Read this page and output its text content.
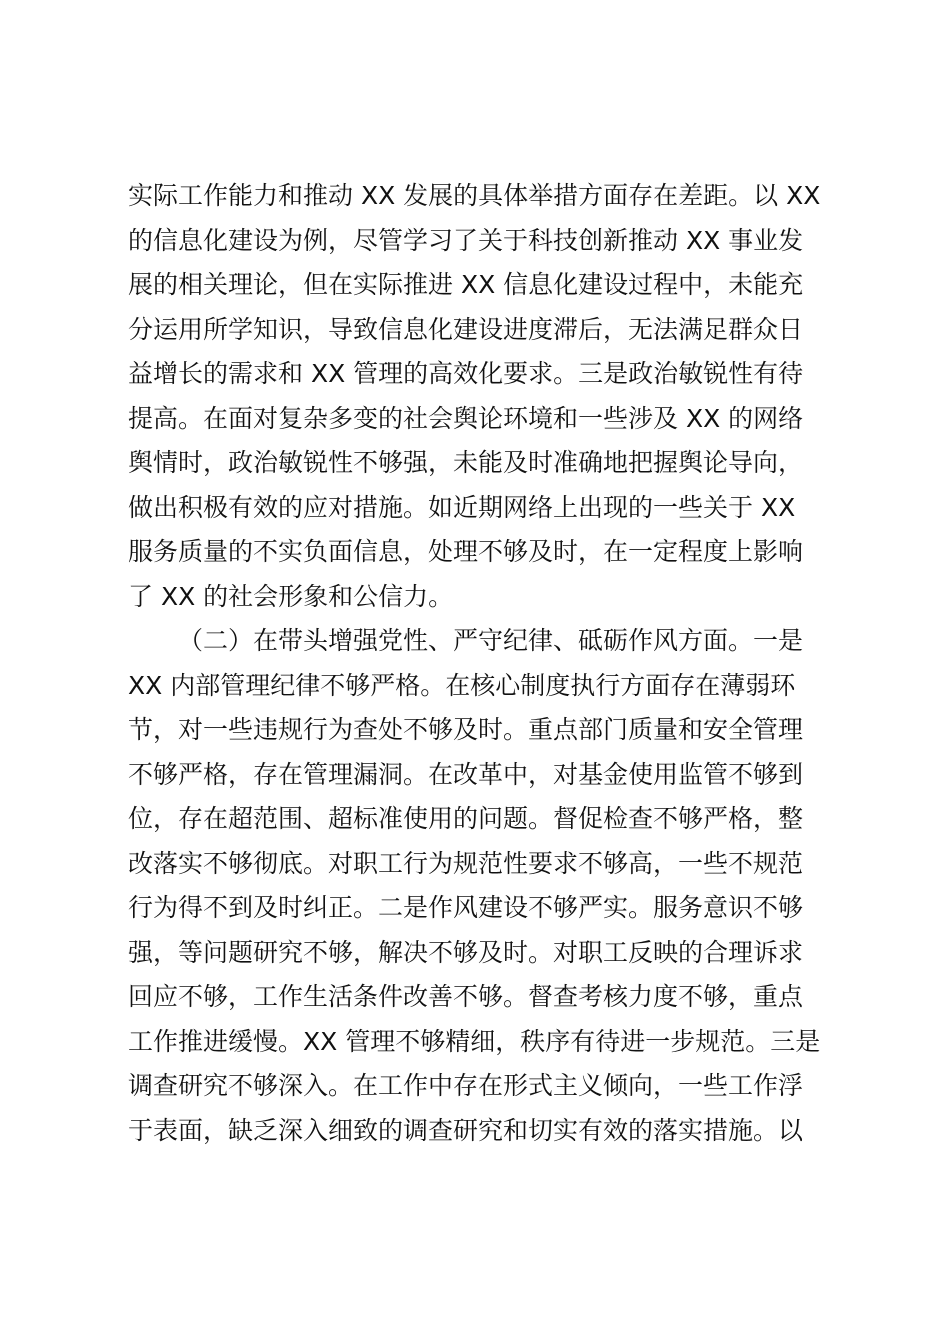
实际工作能力和推动 XX 发展的具体举措方面存在差距。以 XX
的信息化建设为例，尽管学习了关于科技创新推动 XX 事业发
展的相关理论，但在实际推进 XX 信息化建设过程中，未能充
分运用所学知识，导致信息化建设进度滞后，无法满足群众日
益增长的需求和 XX 管理的高效化要求。三是政治敏锐性有待
提高。在面对复杂多变的社会舆论环境和一些涉及 XX 的网络
舆情时，政治敏锐性不够强，未能及时准确地把握舆论导向，
做出积极有效的应对措施。如近期网络上出现的一些关于 XX
服务质量的不实负面信息，处理不够及时，在一定程度上影响
了 XX 的社会形象和公信力。
（二）在带头增强党性、严守纪律、砥砺作风方面。一是
XX 内部管理纪律不够严格。在核心制度执行方面存在薄弱环
节，对一些违规行为查处不够及时。重点部门质量和安全管理
不够严格，存在管理漏洞。在改革中，对基金使用监管不够到
位，存在超范围、超标准使用的问题。督促检查不够严格，整
改落实不够彻底。对职工行为规范性要求不够高，一些不规范
行为得不到及时纠正。二是作风建设不够严实。服务意识不够
强，等问题研究不够，解决不够及时。对职工反映的合理诉求
回应不够，工作生活条件改善不够。督查考核力度不够，重点
工作推进缓慢。XX 管理不够精细，秩序有待进一步规范。三是
调查研究不够深入。在工作中存在形式主义倾向，一些工作浮
于表面，缺乏深入细致的调查研究和切实有效的落实措施。以
